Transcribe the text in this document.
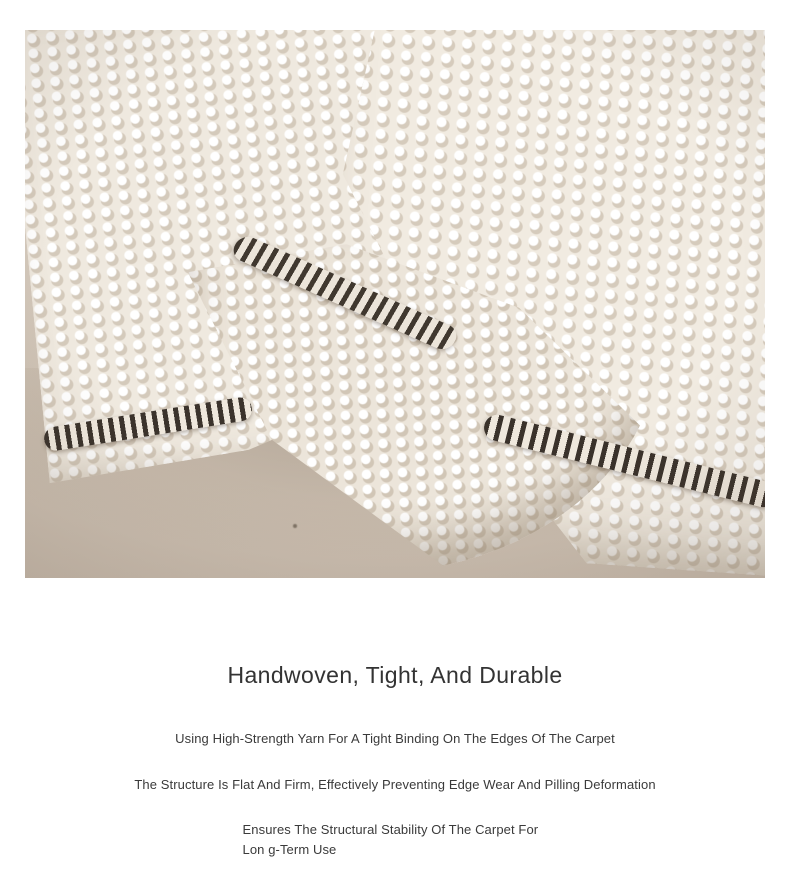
Handwoven, Tight, And Durable

Using High-Strength Yarn For A Tight Binding On The Edges Of The Carpet

The Structure Is Flat And Firm, Effectively Preventing Edge Wear And Pilling Deformation

Ensures The Structural Stability Of The Carpet For Lon g-Term Use
